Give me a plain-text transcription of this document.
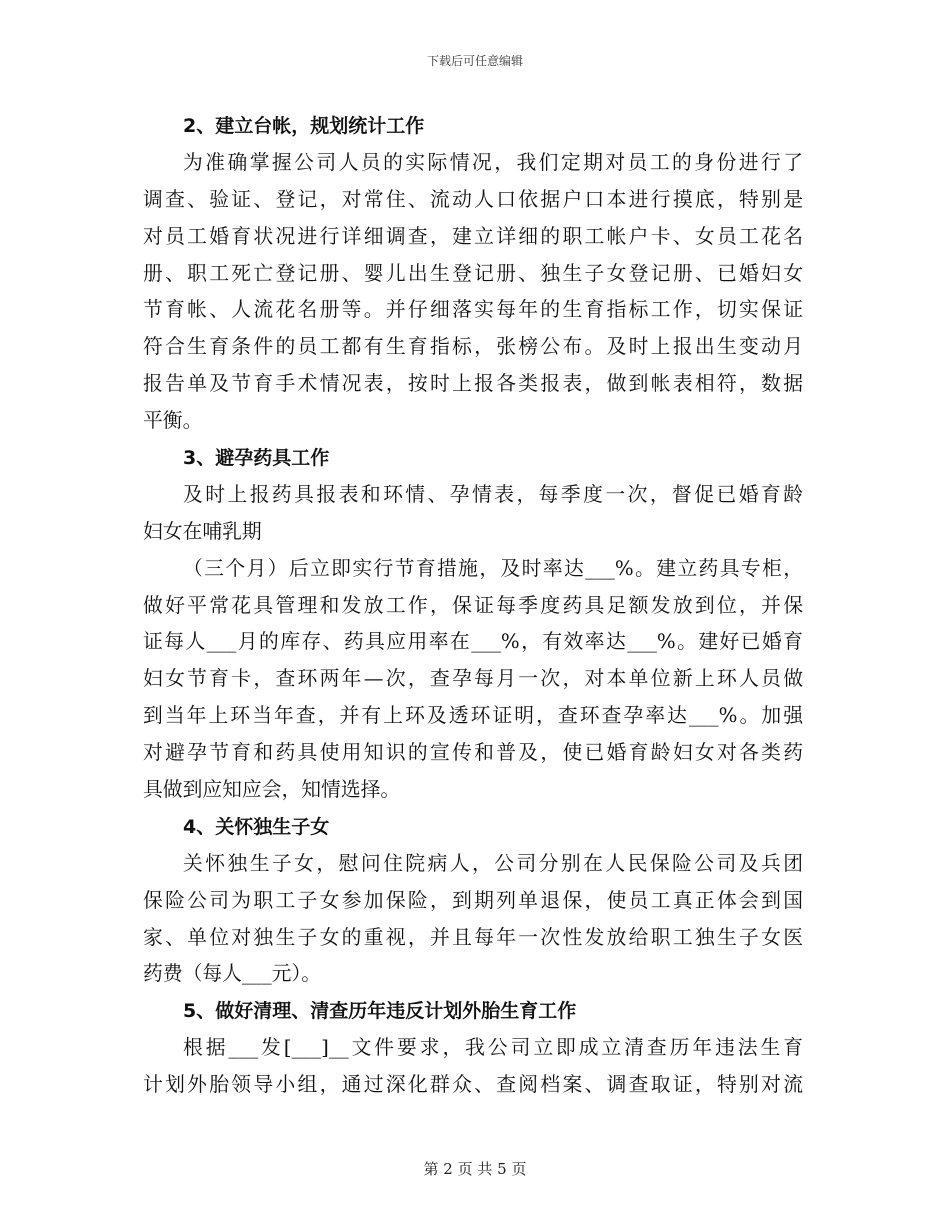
下载后可任意编辑
2、建立台帐，规划统计工作
为准确掌握公司人员的实际情况，我们定期对员工的身份进行了
调查、验证、登记，对常住、流动人口依据户口本进行摸底，特别是
对员工婚育状况进行详细调查，建立详细的职工帐户卡、女员工花名
册、职工死亡登记册、婴儿出生登记册、独生子女登记册、已婚妇女
节育帐、人流花名册等。并仔细落实每年的生育指标工作，切实保证
符合生育条件的员工都有生育指标，张榜公布。及时上报出生变动月
报告单及节育手术情况表，按时上报各类报表，做到帐表相符，数据
平衡。
3、避孕药具工作
及时上报药具报表和环情、孕情表，每季度一次，督促已婚育龄
妇女在哺乳期
（三个月）后立即实行节育措施，及时率达___%。建立药具专柜，
做好平常花具管理和发放工作，保证每季度药具足额发放到位，并保
证每人___月的库存、药具应用率在___%，有效率达___%。建好已婚育
妇女节育卡，查环两年—次，查孕每月一次，对本单位新上环人员做
到当年上环当年查，并有上环及透环证明，查环查孕率达___%。加强
对避孕节育和药具使用知识的宣传和普及，使已婚育龄妇女对各类药
具做到应知应会，知情选择。
4、关怀独生子女
关怀独生子女，慰问住院病人，公司分别在人民保险公司及兵团
保险公司为职工子女参加保险，到期列单退保，使员工真正体会到国
家、单位对独生子女的重视，并且每年一次性发放给职工独生子女医
药费（每人___元）。
5、做好清理、清查历年违反计划外胎生育工作
根据___发[___]__文件要求，我公司立即成立清查历年违法生育
计划外胎领导小组，通过深化群众、查阅档案、调查取证，特别对流
第 2 页 共 5 页
